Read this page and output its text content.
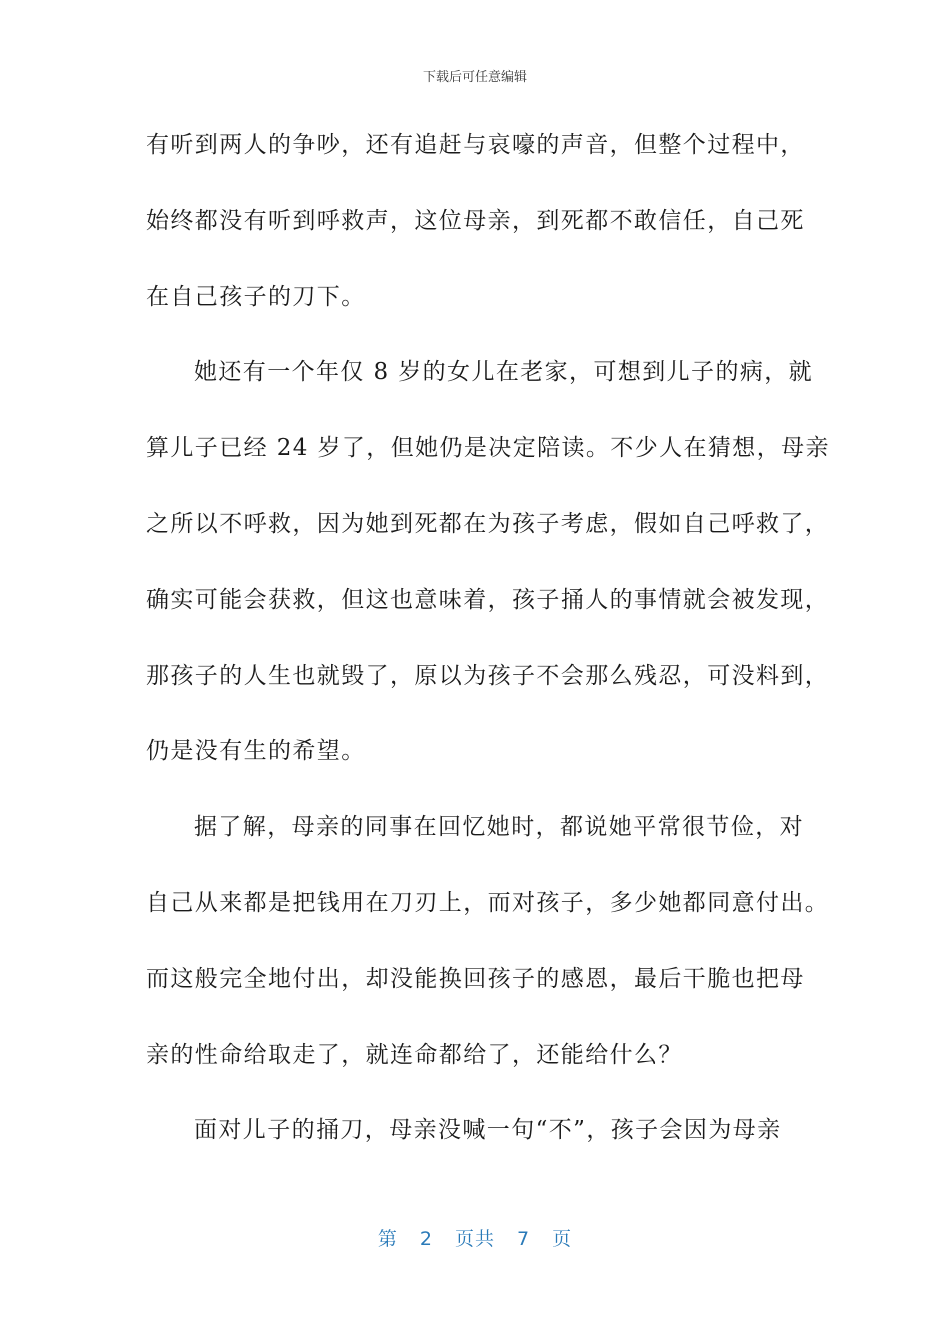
下载后可任意编辑
有听到两人的争吵，还有追赶与哀嚎的声音，但整个过程中，
始终都没有听到呼救声，这位母亲，到死都不敢信任，自己死
在自己孩子的刀下。
她还有一个年仅 8 岁的女儿在老家，可想到儿子的病，就
算儿子已经 24 岁了，但她仍是决定陪读。不少人在猜想，母亲
之所以不呼救，因为她到死都在为孩子考虑，假如自己呼救了，
确实可能会获救，但这也意味着，孩子捅人的事情就会被发现，
那孩子的人生也就毁了，原以为孩子不会那么残忍，可没料到，
仍是没有生的希望。
据了解，母亲的同事在回忆她时，都说她平常很节俭，对
自己从来都是把钱用在刀刃上，而对孩子，多少她都同意付出。
而这般完全地付出，却没能换回孩子的感恩，最后干脆也把母
亲的性命给取走了，就连命都给了，还能给什么？
面对儿子的捅刀，母亲没喊一句“不”，孩子会因为母亲
第 2 页共 7 页
